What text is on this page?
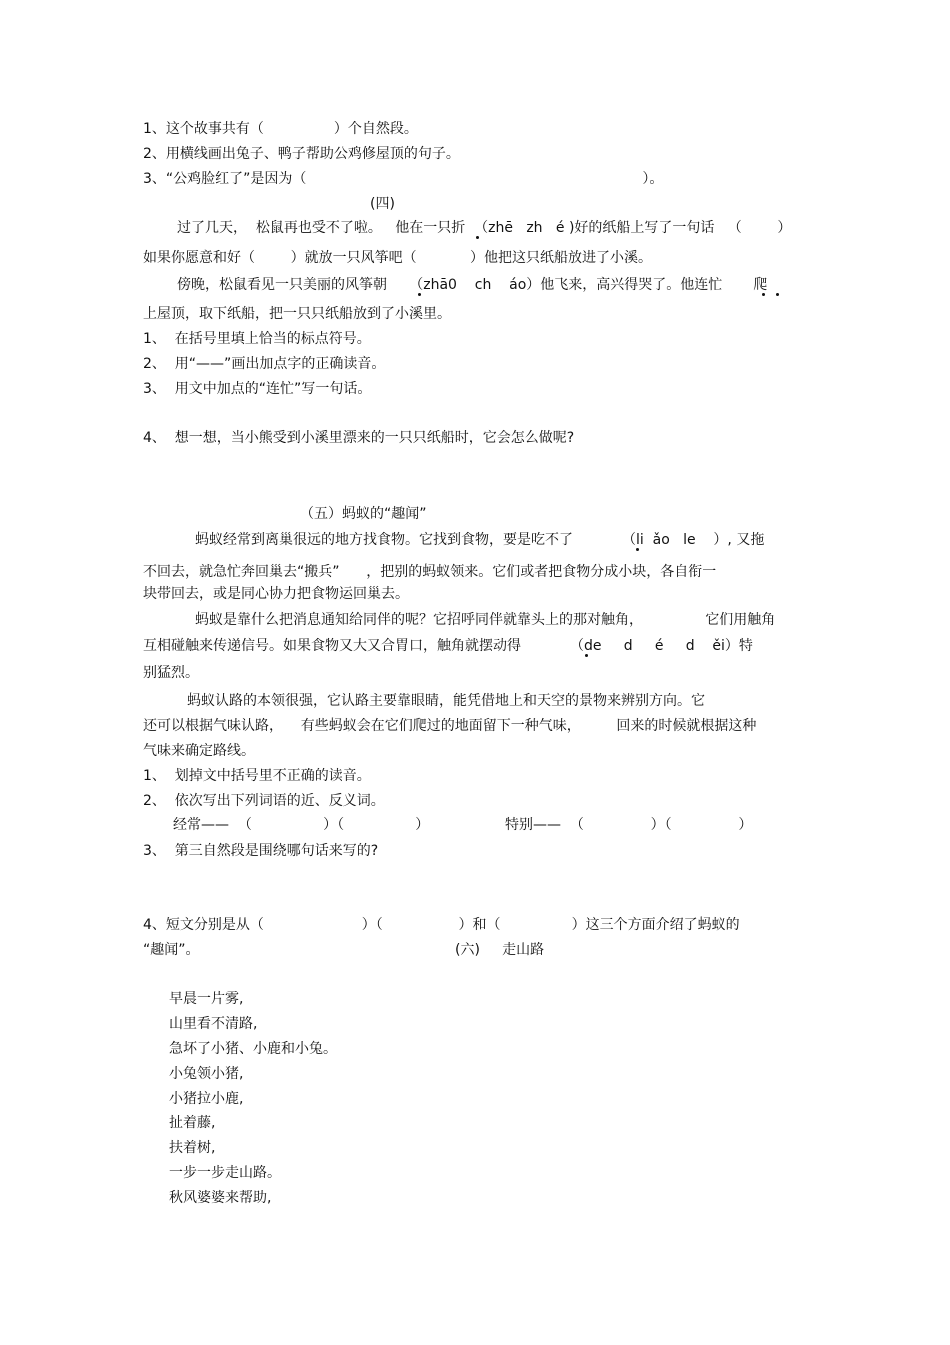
1、这个故事共有（　　　　　）个自然段。
2、用横线画出兔子、鸭子帮助公鸡修屋顶的句子。
3、“公鸡脸红了”是因为（　　　　　　　　　　　　　　　　　　　　　　　　）。
(四)
过了几天，  松鼠再也受不了啦。   他在一只折  （zhē   zh   é )好的纸船上写了一句话   （        ）
如果你愿意和好（        ）就放一只风筝吧（            ）他把这只纸船放进了小溪。
傍晚，松鼠看见一只美丽的风筝朝     （zhā0    ch    áo）他飞来，高兴得哭了。他连忙       爬
上屋顶，取下纸船，把一只只纸船放到了小溪里。
1、  在括号里填上恰当的标点符号。
2、  用“——”画出加点字的正确读音。
3、  用文中加点的“连忙”写一句话。
4、  想一想，当小熊受到小溪里漂来的一只只纸船时，它会怎么做呢?
（五）蚂蚁的“趣闻”
蚂蚁经常到离巢很远的地方找食物。它找到食物，要是吃不了           （li  ǎo   le    ）, 又拖
不回去，就急忙奔回巢去“搬兵”      ，把别的蚂蚁领来。它们或者把食物分成小块，各自衔一
块带回去，或是同心协力把食物运回巢去。
蚂蚁是靠什么把消息通知给同伴的呢？它招呼同伴就靠头上的那对触角，              它们用触角
互相碰触来传递信号。如果食物又大又合胃口，触角就摆动得           （de     d     é     d    ěi）特
别猛烈。
蚂蚁认路的本领很强，它认路主要靠眼睛，能凭借地上和天空的景物来辨别方向。它
还可以根据气味认路，    有些蚂蚁会在它们爬过的地面留下一种气味，        回来的时候就根据这种
气味来确定路线。
1、  划掉文中括号里不正确的读音。
2、  依次写出下列词语的近、反义词。
经常——  （                ）（                ）                 特别——  （               ）（               ）
3、  第三自然段是围绕哪句话来写的?
4、短文分别是从（                      ）（                 ）和（                ）这三个方面介绍了蚂蚁的
“趣闻”。	(六)     走山路
早晨一片雾,
山里看不清路,
急坏了小猪、小鹿和小兔。
小兔领小猪,
小猪拉小鹿,
扯着藤,
扶着树,
一步一步走山路。
秋风婆婆来帮助,
